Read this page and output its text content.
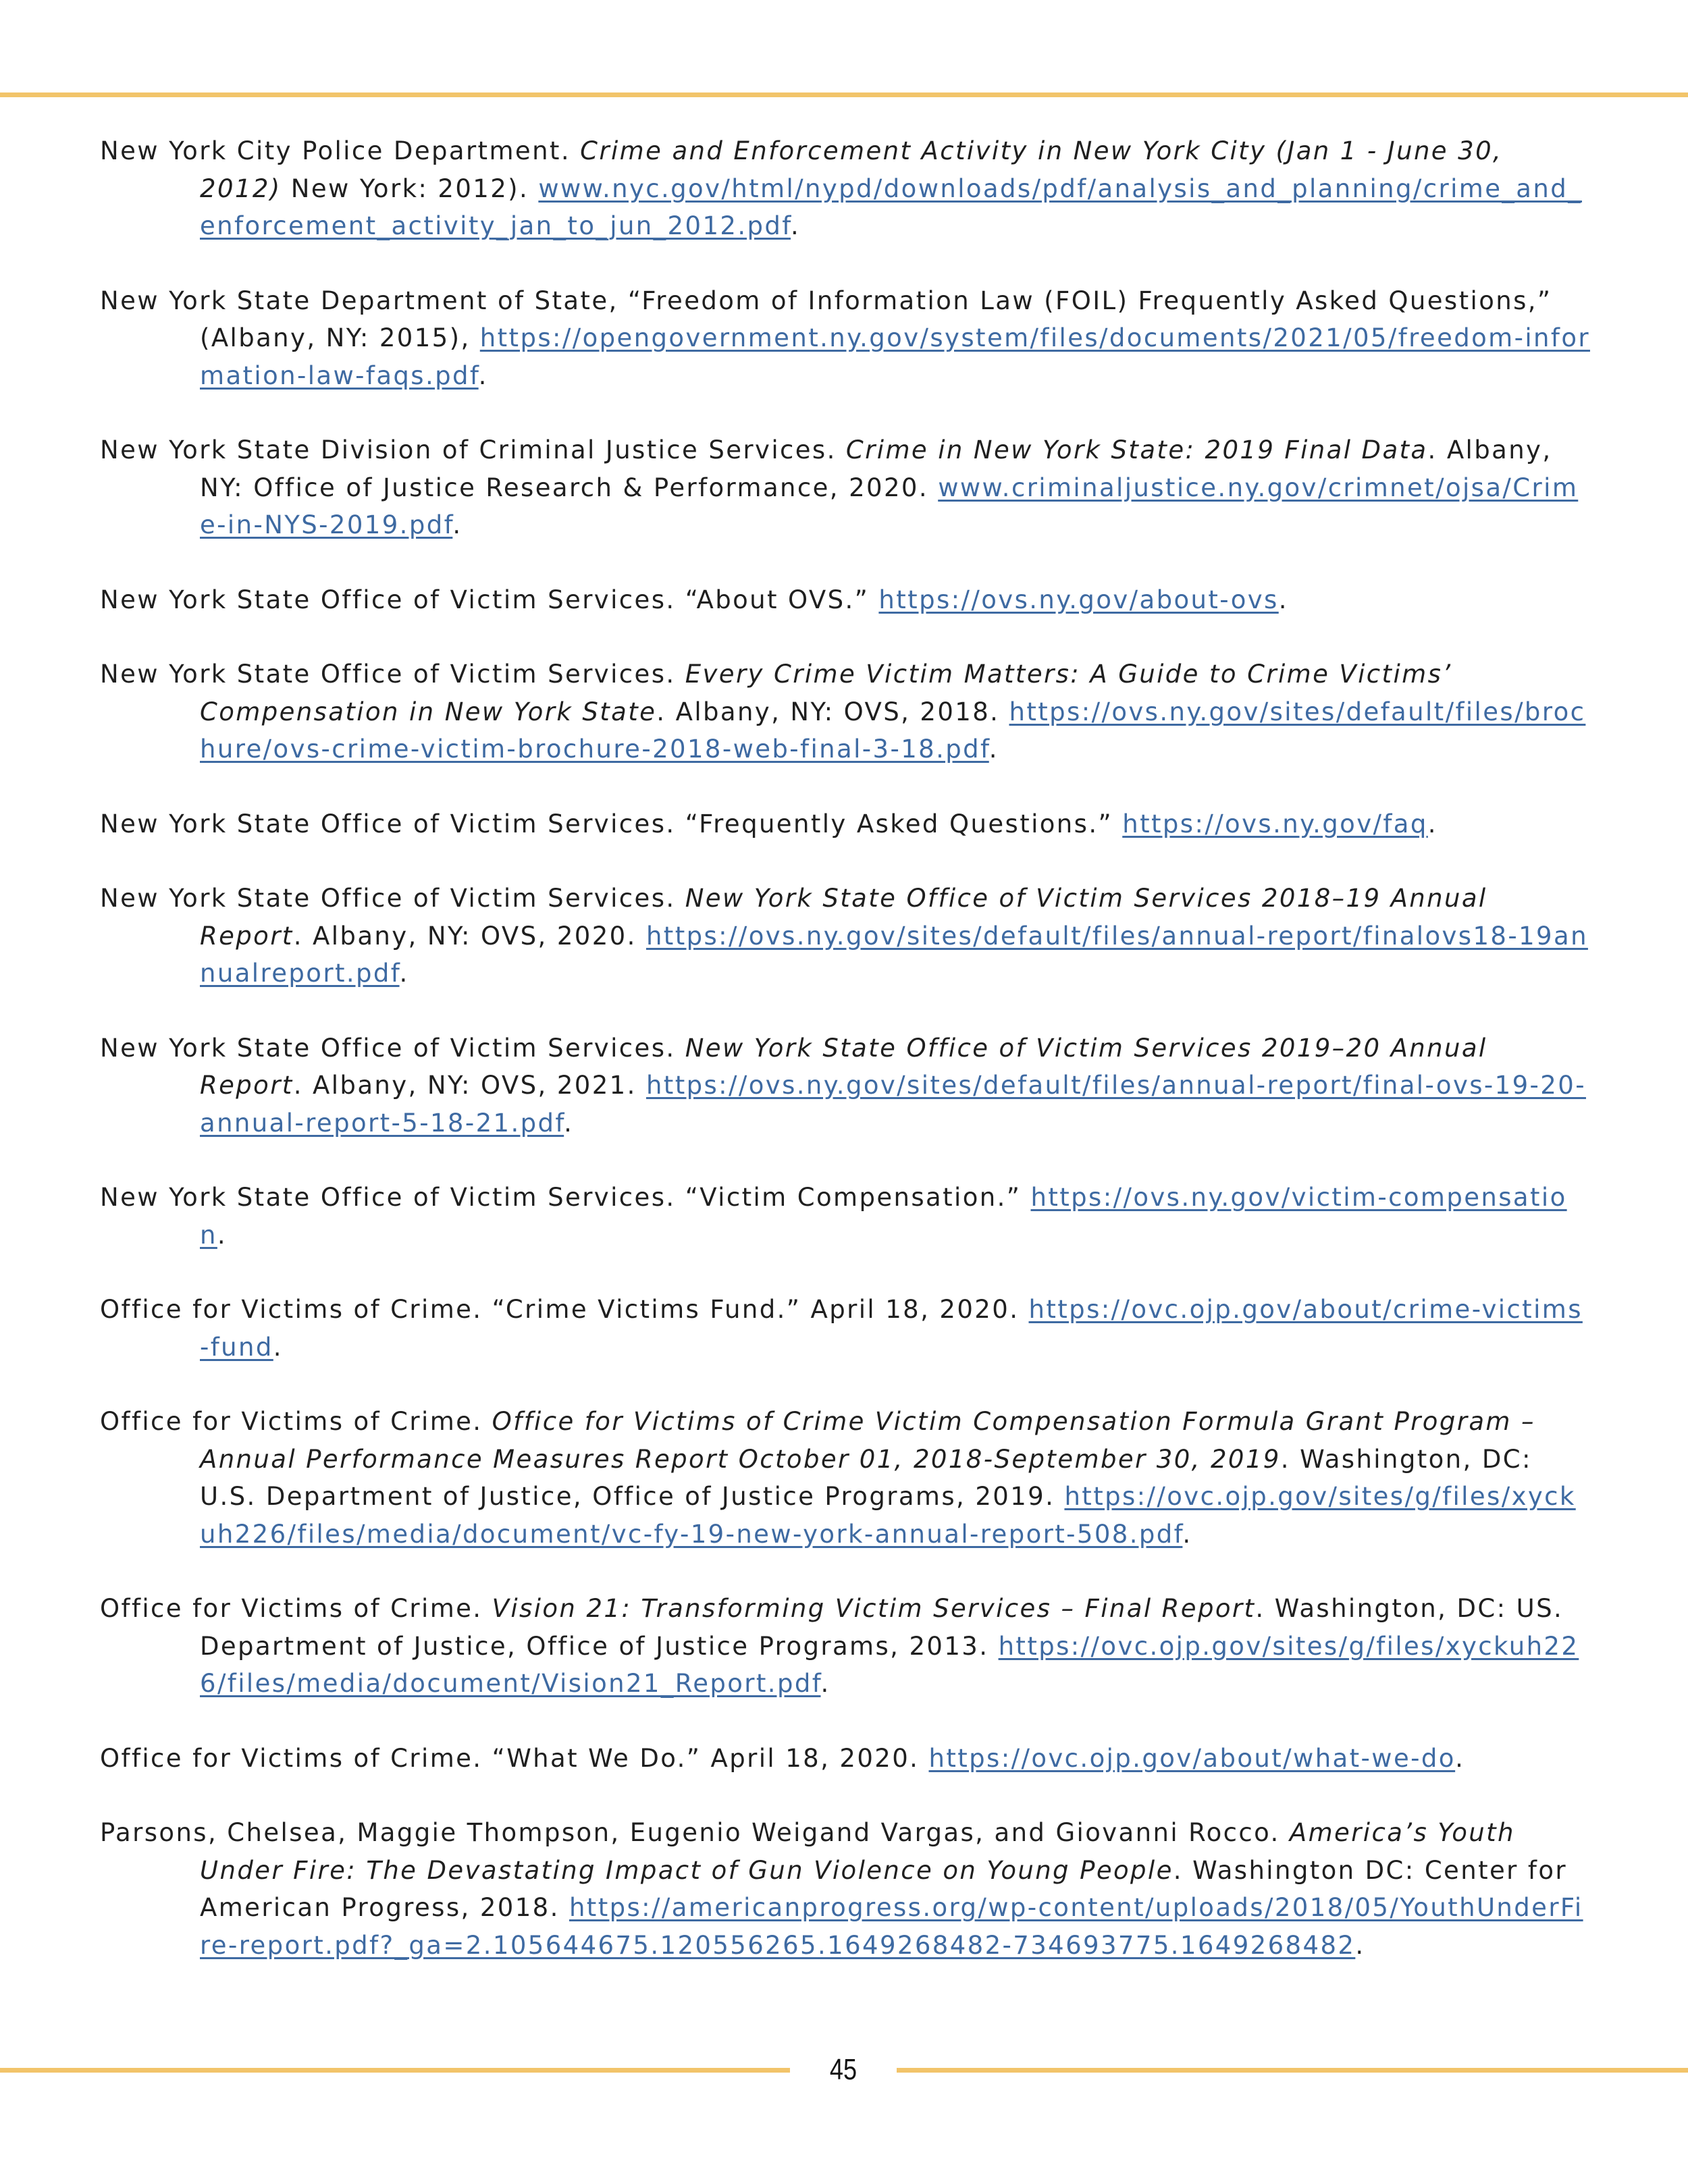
New York City Police Department. Crime and Enforcement Activity in New York City (Jan 1 - June 30, 2012) New York: 2012). www.nyc.gov/html/nypd/downloads/pdf/analysis_and_planning/crime_and_enforcement_activity_jan_to_jun_2012.pdf.
New York State Department of State, “Freedom of Information Law (FOIL) Frequently Asked Questions,” (Albany, NY: 2015), https://opengovernment.ny.gov/system/files/documents/2021/05/freedom-information-law-faqs.pdf.
New York State Division of Criminal Justice Services. Crime in New York State: 2019 Final Data. Albany, NY: Office of Justice Research & Performance, 2020. www.criminaljustice.ny.gov/crimnet/ojsa/Crime-in-NYS-2019.pdf.
New York State Office of Victim Services. “About OVS.” https://ovs.ny.gov/about-ovs.
New York State Office of Victim Services. Every Crime Victim Matters: A Guide to Crime Victims’ Compensation in New York State. Albany, NY: OVS, 2018. https://ovs.ny.gov/sites/default/files/brochure/ovs-crime-victim-brochure-2018-web-final-3-18.pdf.
New York State Office of Victim Services. “Frequently Asked Questions.” https://ovs.ny.gov/faq.
New York State Office of Victim Services. New York State Office of Victim Services 2018–19 Annual Report. Albany, NY: OVS, 2020. https://ovs.ny.gov/sites/default/files/annual-report/finalovs18-19annualreport.pdf.
New York State Office of Victim Services. New York State Office of Victim Services 2019–20 Annual Report. Albany, NY: OVS, 2021. https://ovs.ny.gov/sites/default/files/annual-report/final-ovs-19-20-annual-report-5-18-21.pdf.
New York State Office of Victim Services. “Victim Compensation.” https://ovs.ny.gov/victim-compensation.
Office for Victims of Crime. “Crime Victims Fund.” April 18, 2020. https://ovc.ojp.gov/about/crime-victims-fund.
Office for Victims of Crime. Office for Victims of Crime Victim Compensation Formula Grant Program – Annual Performance Measures Report October 01, 2018-September 30, 2019. Washington, DC: U.S. Department of Justice, Office of Justice Programs, 2019. https://ovc.ojp.gov/sites/g/files/xyckuh226/files/media/document/vc-fy-19-new-york-annual-report-508.pdf.
Office for Victims of Crime. Vision 21: Transforming Victim Services – Final Report. Washington, DC: US. Department of Justice, Office of Justice Programs, 2013. https://ovc.ojp.gov/sites/g/files/xyckuh226/files/media/document/Vision21_Report.pdf.
Office for Victims of Crime. “What We Do.” April 18, 2020. https://ovc.ojp.gov/about/what-we-do.
Parsons, Chelsea, Maggie Thompson, Eugenio Weigand Vargas, and Giovanni Rocco. America’s Youth Under Fire: The Devastating Impact of Gun Violence on Young People. Washington DC: Center for American Progress, 2018. https://americanprogress.org/wp-content/uploads/2018/05/YouthUnderFire-report.pdf?_ga=2.105644675.120556265.1649268482-734693775.1649268482.
45
